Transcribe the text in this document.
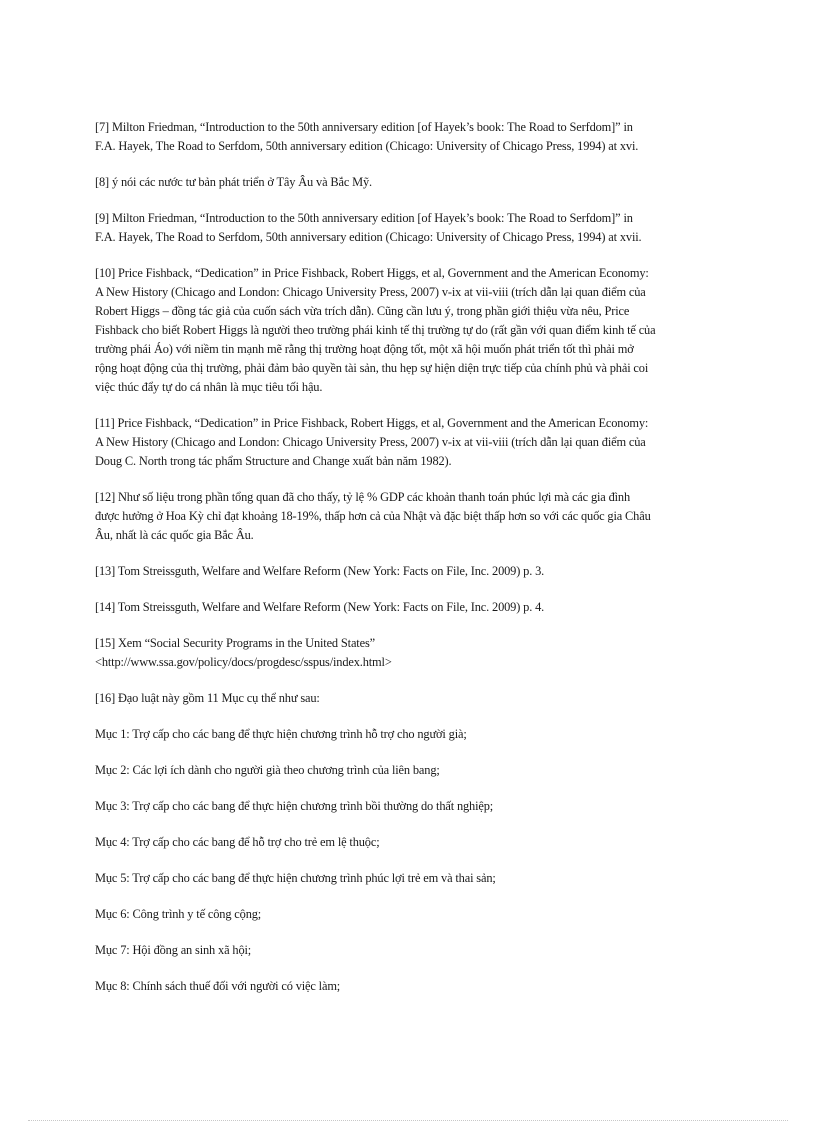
[7] Milton Friedman, “Introduction to the 50th anniversary edition [of Hayek’s book: The Road to Serfdom]” in
F.A. Hayek, The Road to Serfdom, 50th anniversary edition (Chicago: University of Chicago Press, 1994) at xvi.
[8] ý nói các nước tư bản phát triển ở Tây Âu và Bắc Mỹ.
[9] Milton Friedman, “Introduction to the 50th anniversary edition [of Hayek’s book: The Road to Serfdom]” in
F.A. Hayek, The Road to Serfdom, 50th anniversary edition (Chicago: University of Chicago Press, 1994) at xvii.
[10] Price Fishback, “Dedication” in Price Fishback, Robert Higgs, et al, Government and the American Economy:
A New History (Chicago and London: Chicago University Press, 2007) v-ix at vii-viii (trích dẫn lại quan điểm của
Robert Higgs – đồng tác giả của cuốn sách vừa trích dẫn). Cũng cần lưu ý, trong phần giới thiệu vừa nêu, Price
Fishback cho biết Robert Higgs là người theo trường phái kinh tế thị trường tự do (rất gần với quan điểm kinh tế của
trường phái Áo) với niềm tin mạnh mẽ rằng thị trường hoạt động tốt, một xã hội muốn phát triển tốt thì phải mở
rộng hoạt động của thị trường, phải đảm bảo quyền tài sản, thu hẹp sự hiện diện trực tiếp của chính phủ và phải coi
việc thúc đẩy tự do cá nhân là mục tiêu tối hậu.
[11] Price Fishback, “Dedication” in Price Fishback, Robert Higgs, et al, Government and the American Economy:
A New History (Chicago and London: Chicago University Press, 2007) v-ix at vii-viii (trích dẫn lại quan điểm của
Doug C. North trong tác phẩm Structure and Change xuất bản năm 1982).
[12] Như số liệu trong phần tổng quan đã cho thấy, tỷ lệ % GDP các khoản thanh toán phúc lợi mà các gia đình
được hưởng ở Hoa Kỳ chỉ đạt khoảng 18-19%, thấp hơn cả của Nhật và đặc biệt thấp hơn so với các quốc gia Châu
Âu, nhất là các quốc gia Bắc Âu.
[13] Tom Streissguth, Welfare and Welfare Reform (New York: Facts on File, Inc. 2009) p. 3.
[14] Tom Streissguth, Welfare and Welfare Reform (New York: Facts on File, Inc. 2009) p. 4.
[15] Xem “Social Security Programs in the United States”
<http://www.ssa.gov/policy/docs/progdesc/sspus/index.html>
[16] Đạo luật này gồm 11 Mục cụ thể như sau:
Mục 1: Trợ cấp cho các bang để thực hiện chương trình hỗ trợ cho người già;
Mục 2: Các lợi ích dành cho người già theo chương trình của liên bang;
Mục 3: Trợ cấp cho các bang để thực hiện chương trình bồi thường do thất nghiệp;
Mục 4: Trợ cấp cho các bang để hỗ trợ cho trẻ em lệ thuộc;
Mục 5: Trợ cấp cho các bang để thực hiện chương trình phúc lợi trẻ em và thai sản;
Mục 6: Công trình y tế công cộng;
Mục 7: Hội đồng an sinh xã hội;
Mục 8: Chính sách thuế đối với người có việc làm;
